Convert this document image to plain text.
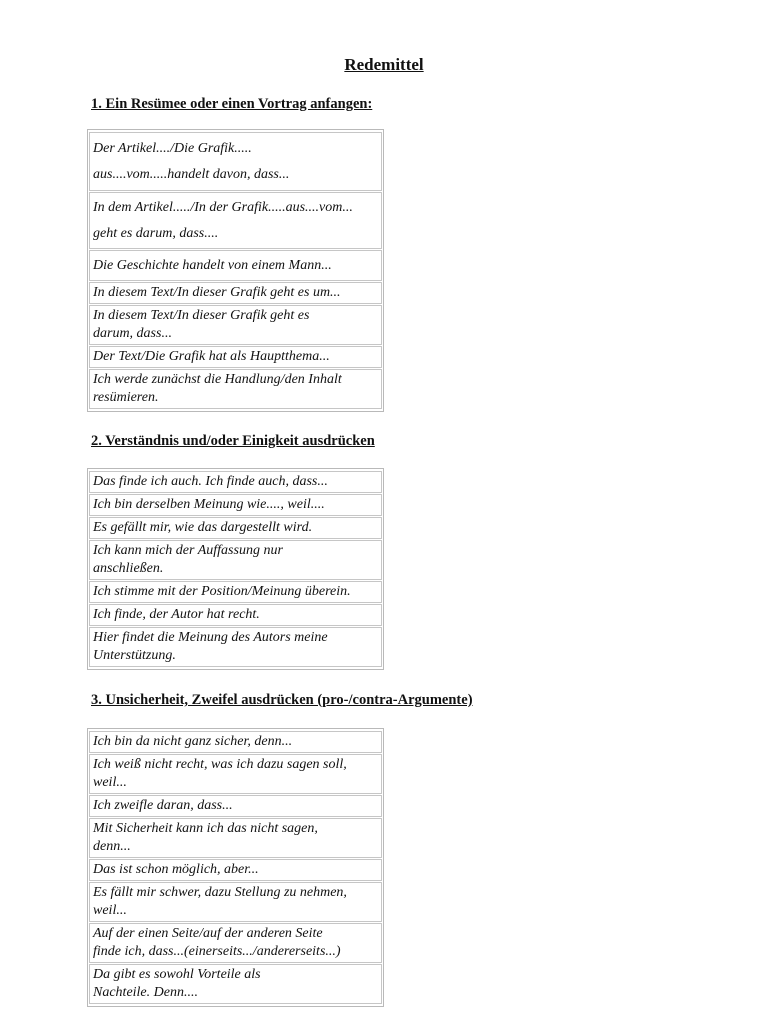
Redemittel
1. Ein Resümee oder einen Vortrag anfangen:
Der Artikel..../Die Grafik.....
aus....vom.....handelt davon, dass...
In dem Artikel...../In der Grafik.....aus....vom...
geht es darum, dass....
Die Geschichte handelt von einem Mann...
In diesem Text/In dieser Grafik geht es um...
In diesem Text/In dieser Grafik geht es
darum, dass...
Der Text/Die Grafik hat als Hauptthema...
Ich werde zunächst die Handlung/den Inhalt
resümieren.
2. Verständnis und/oder Einigkeit ausdrücken
Das finde ich auch. Ich finde auch, dass...
Ich bin derselben Meinung wie...., weil....
Es gefällt mir, wie das dargestellt wird.
Ich kann mich der Auffassung nur
anschließen.
Ich stimme mit der Position/Meinung überein.
Ich finde, der Autor hat recht.
Hier findet die Meinung des Autors meine
Unterstützung.
3. Unsicherheit, Zweifel ausdrücken (pro-/contra-Argumente)
Ich bin da nicht ganz sicher, denn...
Ich weiß nicht recht, was ich dazu sagen soll,
weil...
Ich zweifle daran, dass...
Mit Sicherheit kann ich das nicht sagen,
denn...
Das ist schon möglich, aber...
Es fällt mir schwer, dazu Stellung zu nehmen,
weil...
Auf der einen Seite/auf der anderen Seite
finde ich, dass...(einerseits.../andererseits...)
Da gibt es sowohl Vorteile als
Nachteile. Denn....
